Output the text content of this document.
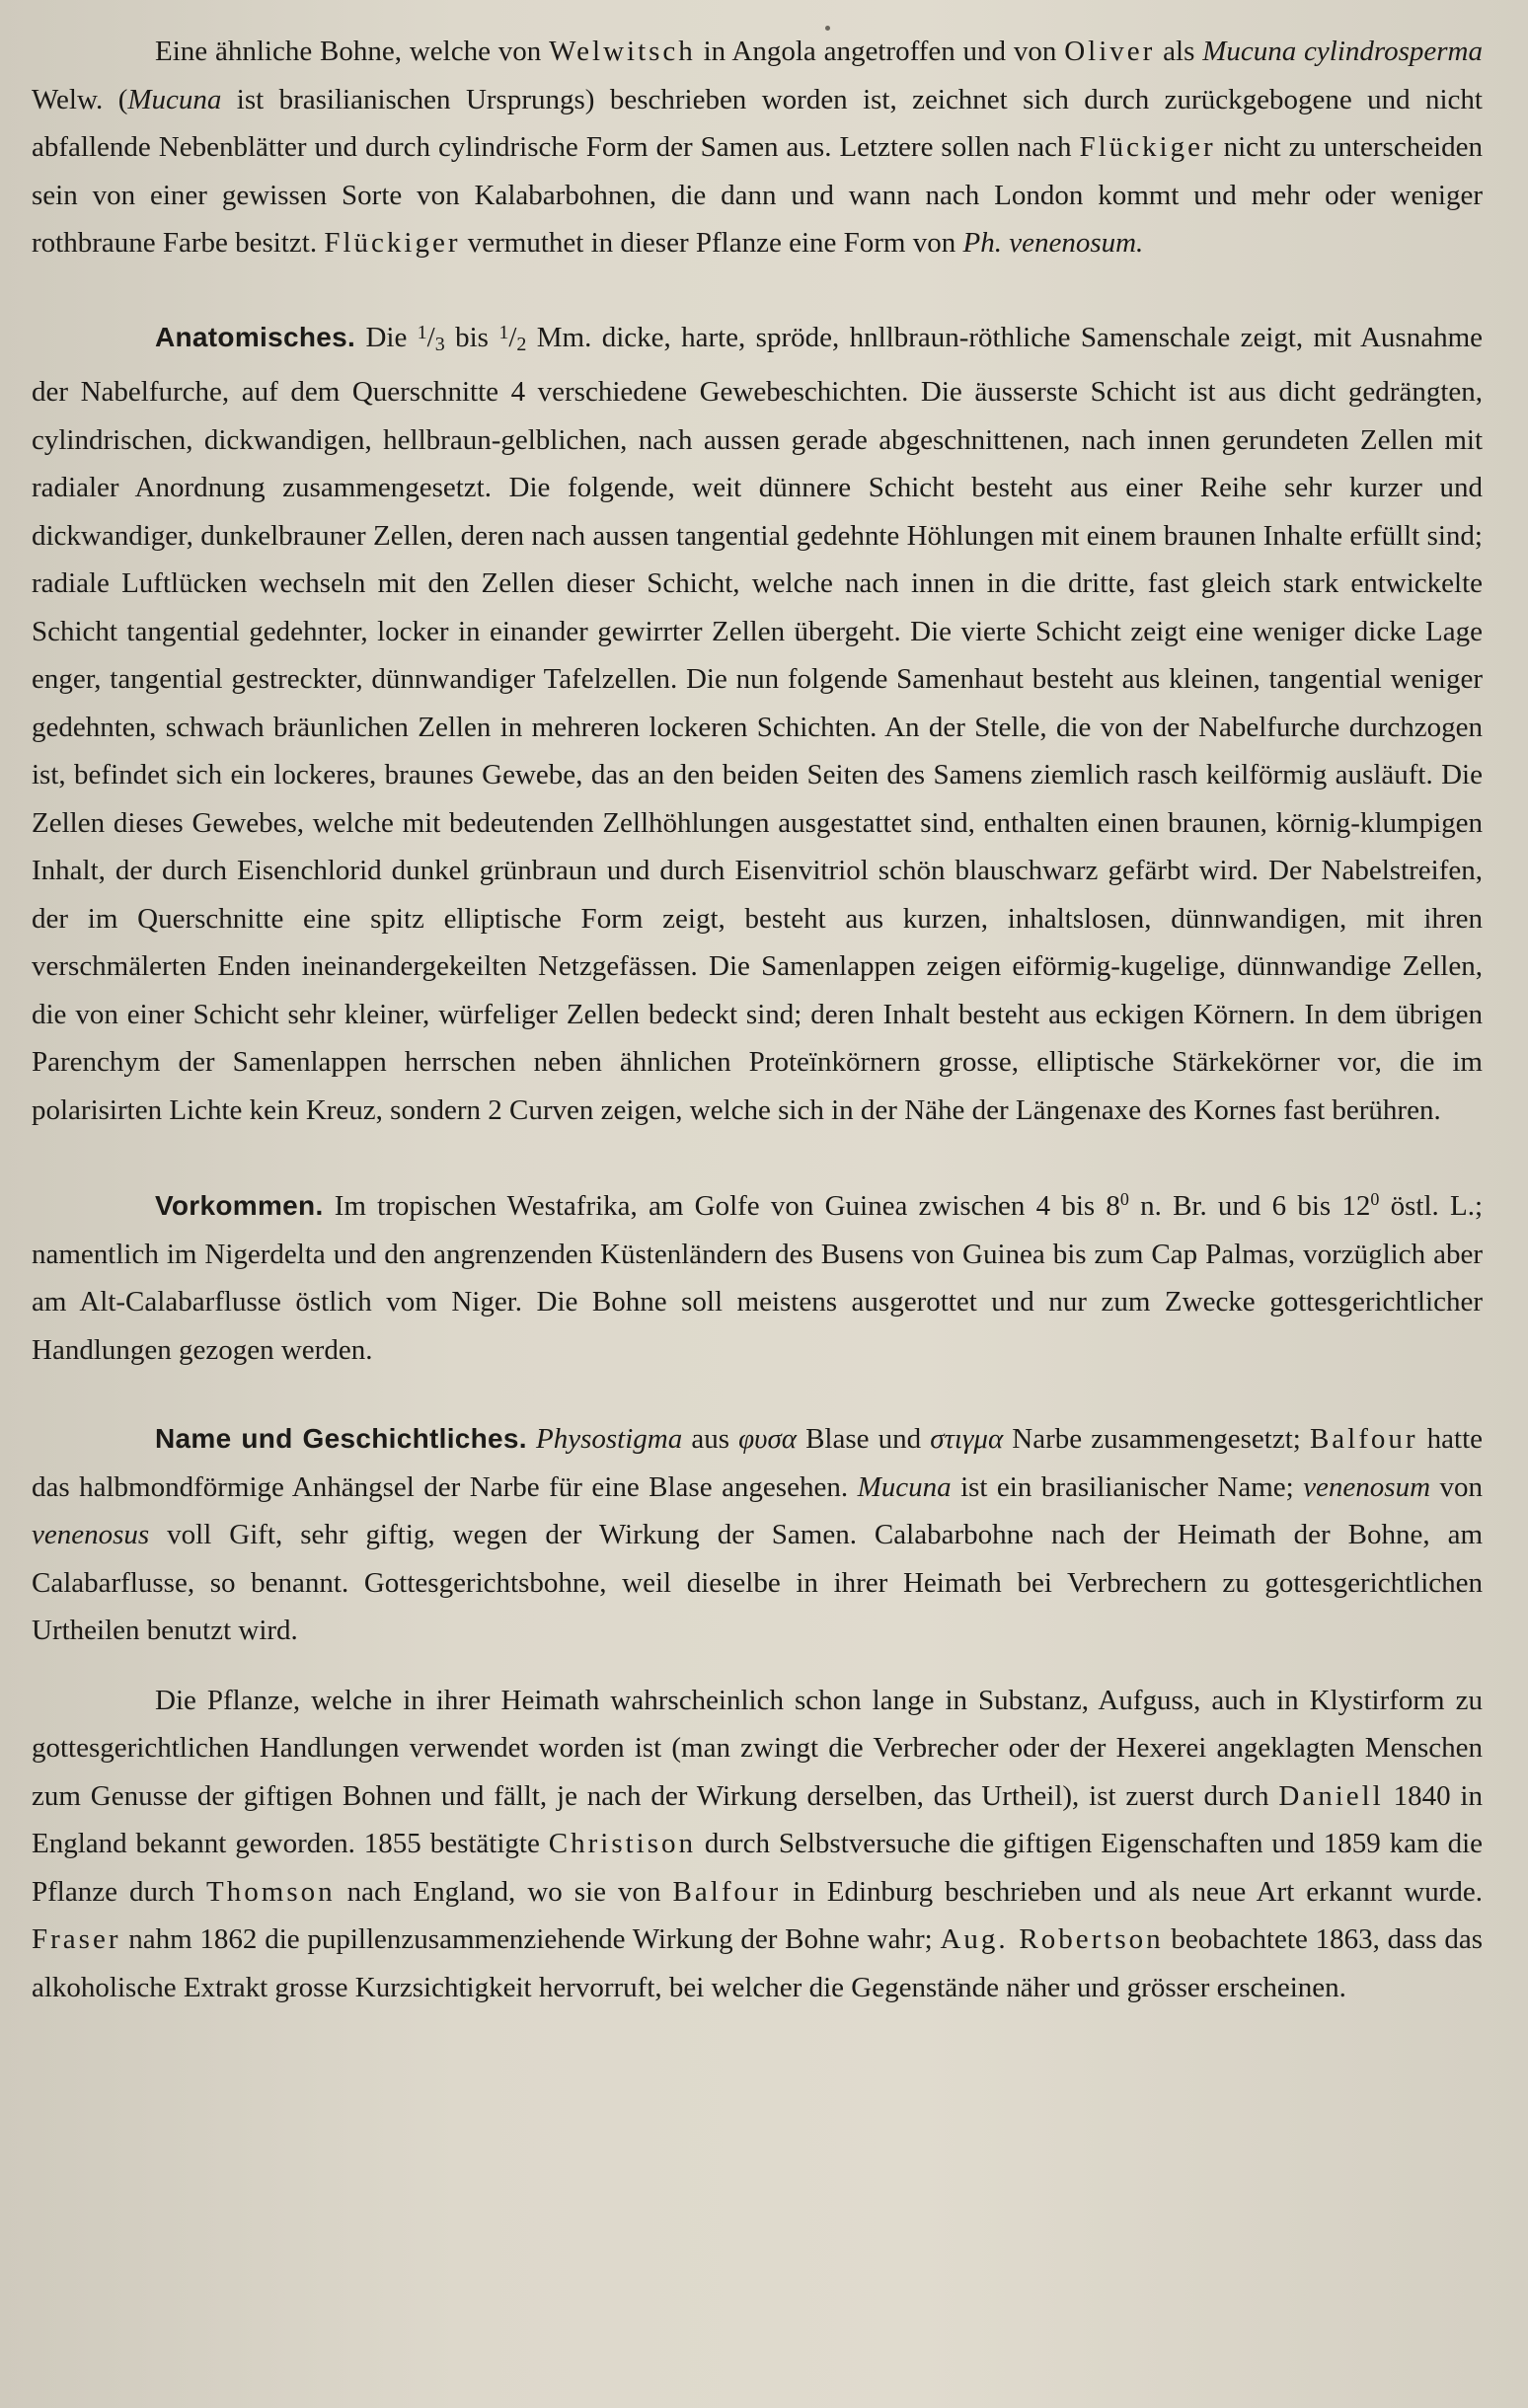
Eine ähnliche Bohne, welche von Welwitsch in Angola angetroffen und von Oliver als Mucuna cylindrosperma Welw. (Mucuna ist brasilianischen Ursprungs) beschrieben worden ist, zeichnet sich durch zurückgebogene und nicht abfallende Nebenblätter und durch cylindrische Form der Samen aus. Letztere sollen nach Flückiger nicht zu unterscheiden sein von einer gewissen Sorte von Kalabarbohnen, die dann und wann nach London kommt und mehr oder weniger rothbraune Farbe besitzt. Flückiger vermuthet in dieser Pflanze eine Form von Ph. venenosum.

Anatomisches. Die $^1/_3$ bis $^1/_2$ Mm. dicke, harte, spröde, hnllbraun-röthliche Samenschale zeigt, mit Ausnahme der Nabelfurche, auf dem Querschnitte 4 verschiedene Gewebeschichten. Die äusserste Schicht ist aus dicht gedrängten, cylindrischen, dickwandigen, hellbraun-gelblichen, nach aussen gerade abgeschnittenen, nach innen gerundeten Zellen mit radialer Anordnung zusammengesetzt. Die folgende, weit dünnere Schicht besteht aus einer Reihe sehr kurzer und dickwandiger, dunkelbrauner Zellen, deren nach aussen tangential gedehnte Höhlungen mit einem braunen Inhalte erfüllt sind; radiale Luftlücken wechseln mit den Zellen dieser Schicht, welche nach innen in die dritte, fast gleich stark entwickelte Schicht tangential gedehnter, locker in einander gewirrter Zellen übergeht. Die vierte Schicht zeigt eine weniger dicke Lage enger, tangential gestreckter, dünnwandiger Tafelzellen. Die nun folgende Samenhaut besteht aus kleinen, tangential weniger gedehnten, schwach bräunlichen Zellen in mehreren lockeren Schichten. An der Stelle, die von der Nabelfurche durchzogen ist, befindet sich ein lockeres, braunes Gewebe, das an den beiden Seiten des Samens ziemlich rasch keilförmig ausläuft. Die Zellen dieses Gewebes, welche mit bedeutenden Zellhöhlungen ausgestattet sind, enthalten einen braunen, körnig-klumpigen Inhalt, der durch Eisenchlorid dunkel grünbraun und durch Eisenvitriol schön blauschwarz gefärbt wird. Der Nabelstreifen, der im Querschnitte eine spitz elliptische Form zeigt, besteht aus kurzen, inhaltslosen, dünnwandigen, mit ihren verschmälerten Enden ineinandergekeilten Netzgefässen. Die Samenlappen zeigen eiförmig-kugelige, dünnwandige Zellen, die von einer Schicht sehr kleiner, würfeliger Zellen bedeckt sind; deren Inhalt besteht aus eckigen Körnern. In dem übrigen Parenchym der Samenlappen herrschen neben ähnlichen Proteïnkörnern grosse, elliptische Stärkekörner vor, die im polarisirten Lichte kein Kreuz, sondern 2 Curven zeigen, welche sich in der Nähe der Längenaxe des Kornes fast berühren.

Vorkommen. Im tropischen Westafrika, am Golfe von Guinea zwischen 4 bis $8^0$ n. Br. und 6 bis $12^0$ östl. L.; namentlich im Nigerdelta und den angrenzenden Küstenländern des Busens von Guinea bis zum Cap Palmas, vorzüglich aber am Alt-Calabarflusse östlich vom Niger. Die Bohne soll meistens ausgerottet und nur zum Zwecke gottesgerichtlicher Handlungen gezogen werden.

Name und Geschichtliches. Physostigma aus φυσα Blase und στιγμα Narbe zusammengesetzt; Balfour hatte das halbmondförmige Anhängsel der Narbe für eine Blase angesehen. Mucuna ist ein brasilianischer Name; venenosum von venenosus voll Gift, sehr giftig, wegen der Wirkung der Samen. Calabarbohne nach der Heimath der Bohne, am Calabarflusse, so benannt. Gottesgerichtsbohne, weil dieselbe in ihrer Heimath bei Verbrechern zu gottesgerichtlichen Urtheilen benutzt wird.

Die Pflanze, welche in ihrer Heimath wahrscheinlich schon lange in Substanz, Aufguss, auch in Klystirform zu gottesgerichtlichen Handlungen verwendet worden ist (man zwingt die Verbrecher oder der Hexerei angeklagten Menschen zum Genusse der giftigen Bohnen und fällt, je nach der Wirkung derselben, das Urtheil), ist zuerst durch Daniell 1840 in England bekannt geworden. 1855 bestätigte Christison durch Selbstversuche die giftigen Eigenschaften und 1859 kam die Pflanze durch Thomson nach England, wo sie von Balfour in Edinburg beschrieben und als neue Art erkannt wurde. Fraser nahm 1862 die pupillenzusammenziehende Wirkung der Bohne wahr; Aug. Robertson beobachtete 1863, dass das alkoholische Extrakt grosse Kurzsichtigkeit hervorruft, bei welcher die Gegenstände näher und grösser erscheinen.
